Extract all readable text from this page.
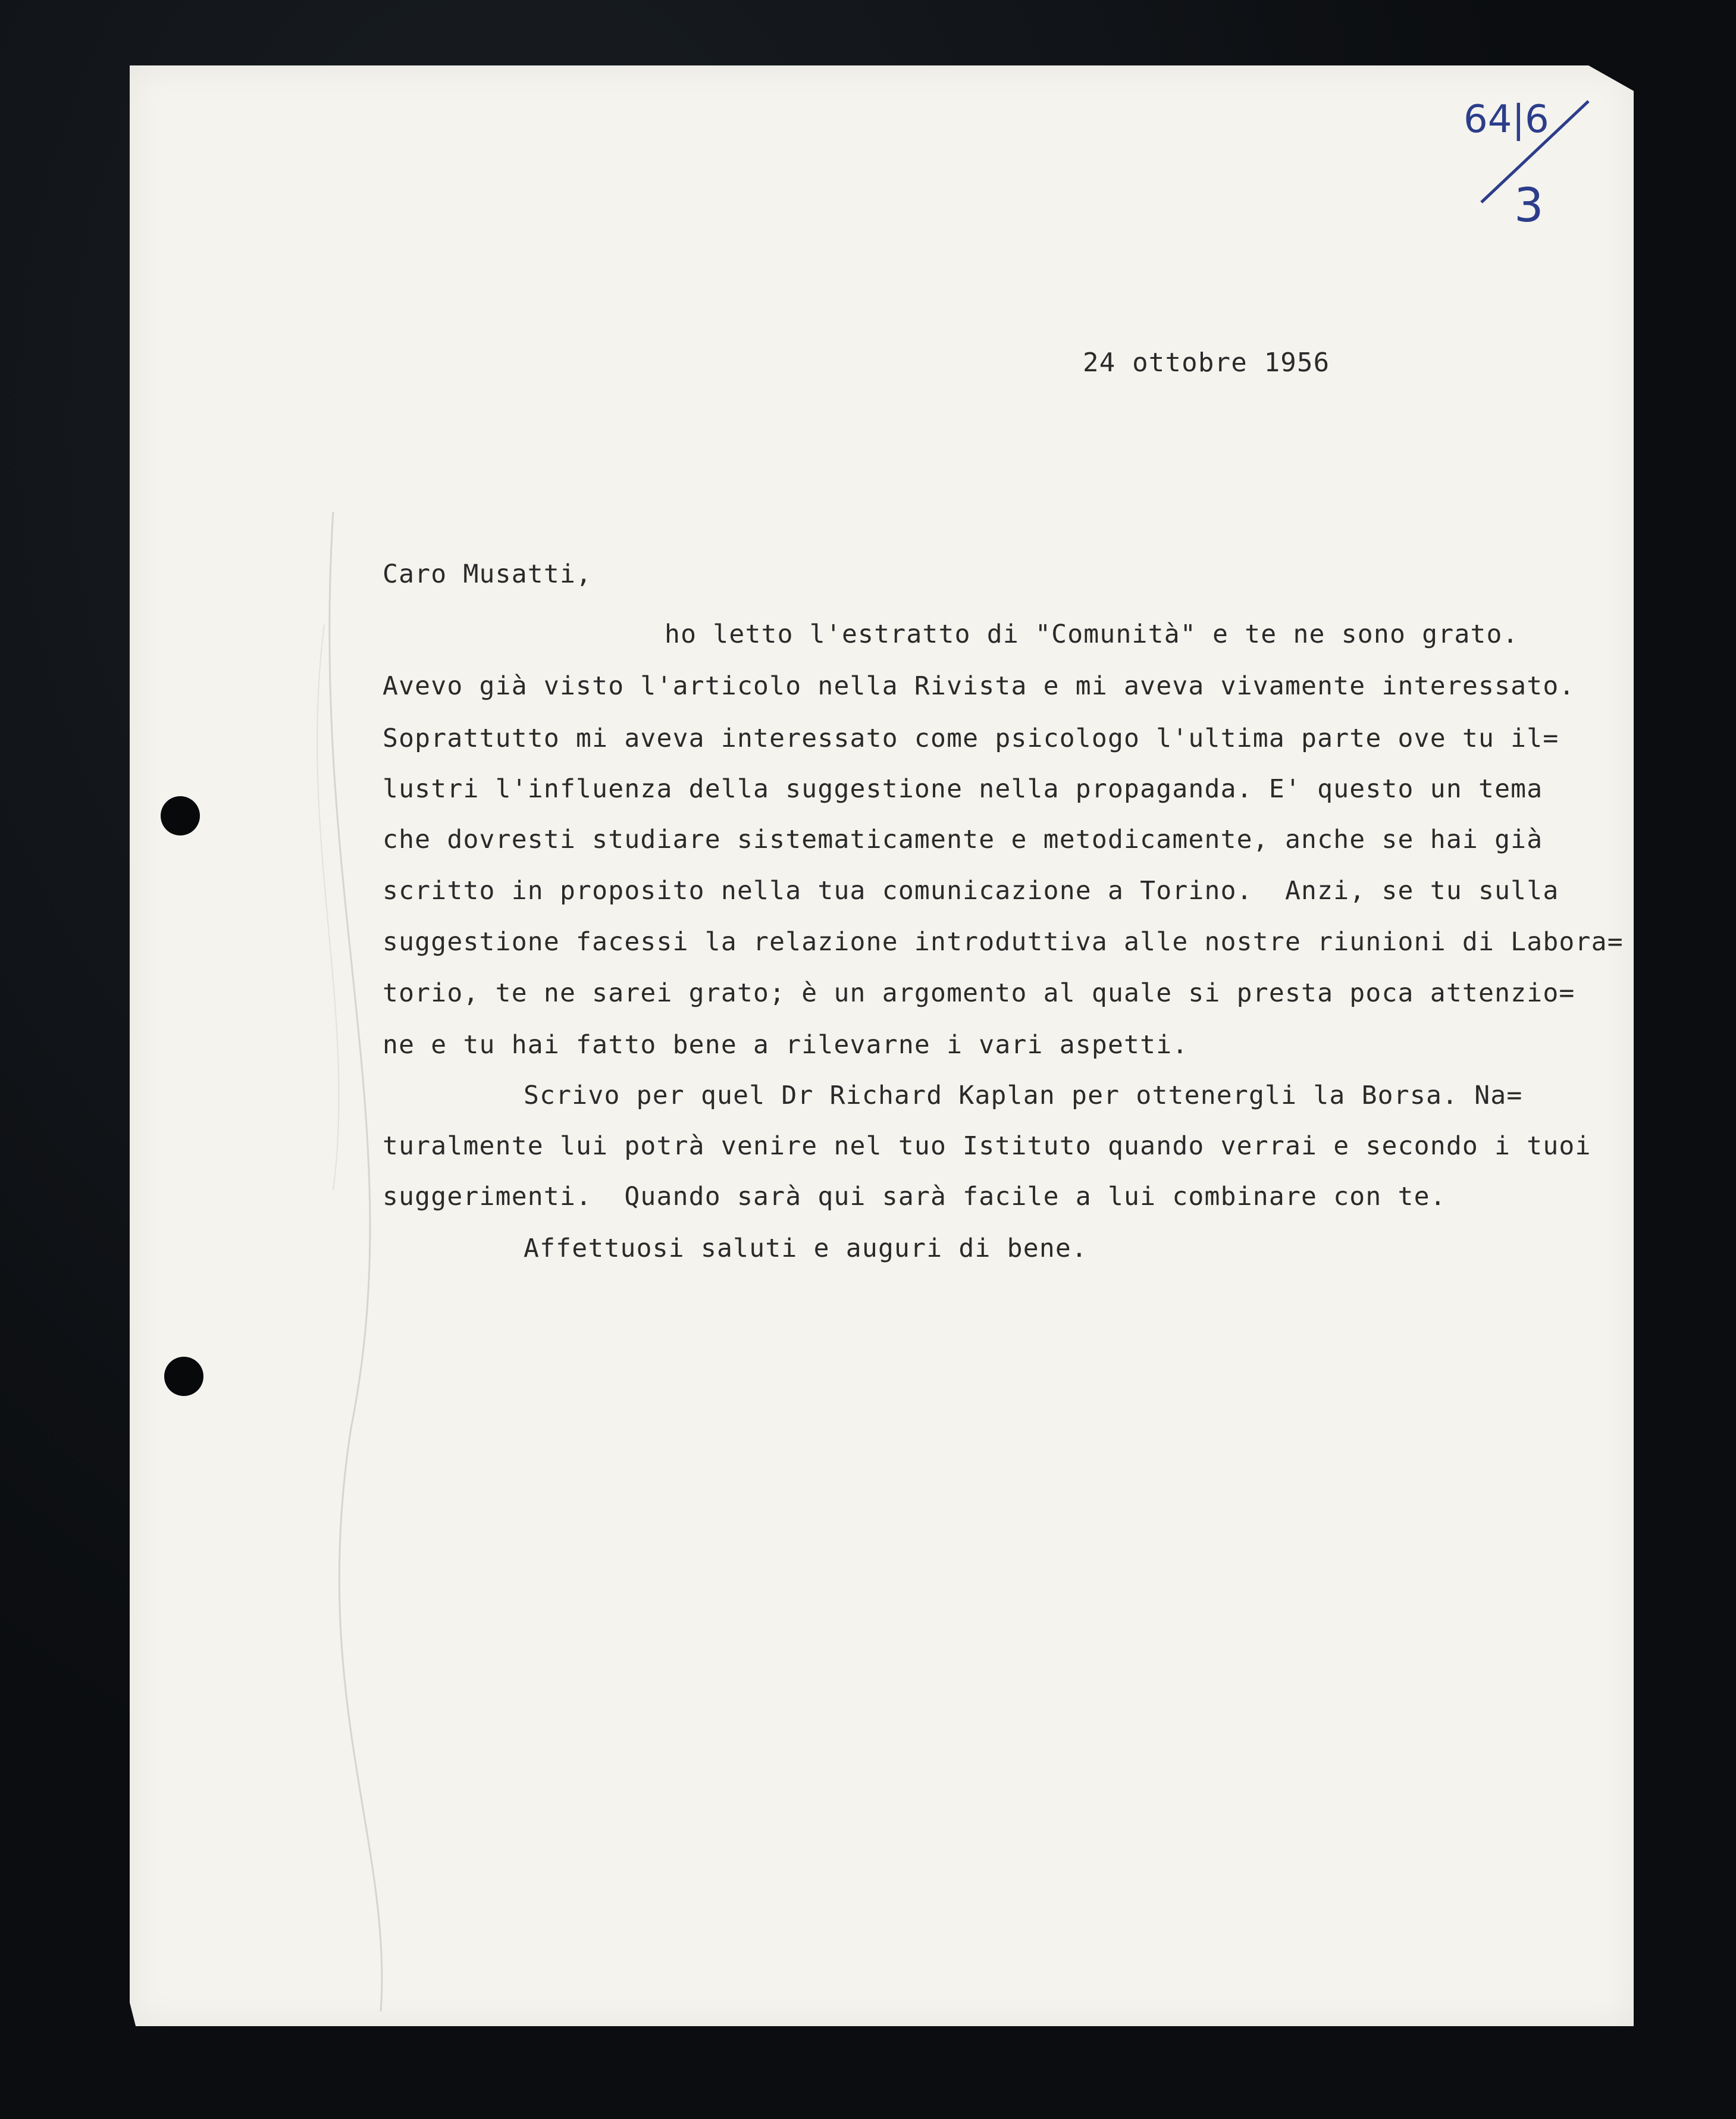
64|6
3
24 ottobre 1956
Caro Musatti,
ho letto l'estratto di "Comunità" e te ne sono grato.
Avevo già visto l'articolo nella Rivista e mi aveva vivamente interessato.
Soprattutto mi aveva interessato come psicologo l'ultima parte ove tu il=
lustri l'influenza della suggestione nella propaganda. E' questo un tema
che dovresti studiare sistematicamente e metodicamente, anche se hai già
scritto in proposito nella tua comunicazione a Torino.  Anzi, se tu sulla
suggestione facessi la relazione introduttiva alle nostre riunioni di Labora=
torio, te ne sarei grato; è un argomento al quale si presta poca attenzio=
ne e tu hai fatto bene a rilevarne i vari aspetti.
Scrivo per quel Dr Richard Kaplan per ottenergli la Borsa. Na=
turalmente lui potrà venire nel tuo Istituto quando verrai e secondo i tuoi
suggerimenti.  Quando sarà qui sarà facile a lui combinare con te.
Affettuosi saluti e auguri di bene.
